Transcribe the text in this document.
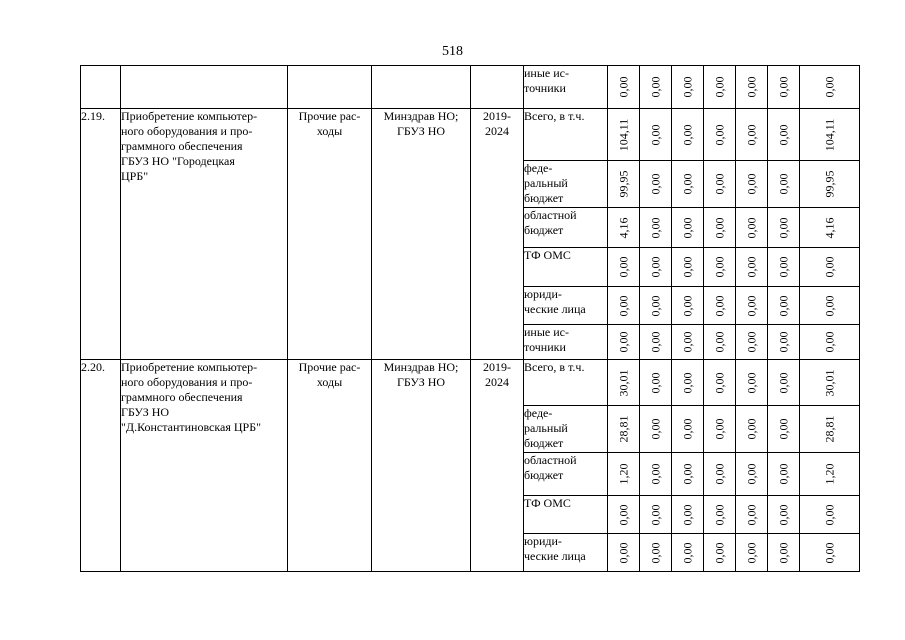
518
					иные ис-
точники	0,00	0,00	0,00	0,00	0,00	0,00	0,00

2.19.	Приобретение компьютер-
ного оборудования и про-
граммного обеспечения
ГБУЗ НО "Городецкая
ЦРБ"	Прочие рас-
ходы	Минздрав НО;
ГБУЗ НО	2019-
2024	Всего, в т.ч.	104,11	0,00	0,00	0,00	0,00	0,00	104,11

					феде-
ральный
бюджет	99,95	0,00	0,00	0,00	0,00	0,00	99,95

					областной
бюджет	4,16	0,00	0,00	0,00	0,00	0,00	4,16

					ТФ ОМС	0,00	0,00	0,00	0,00	0,00	0,00	0,00

					юриди-
ческие лица	0,00	0,00	0,00	0,00	0,00	0,00	0,00

					иные ис-
точники	0,00	0,00	0,00	0,00	0,00	0,00	0,00

2.20.	Приобретение компьютер-
ного оборудования и про-
граммного обеспечения
ГБУЗ НО
"Д.Константиновская ЦРБ"	Прочие рас-
ходы	Минздрав НО;
ГБУЗ НО	2019-
2024	Всего, в т.ч.	30,01	0,00	0,00	0,00	0,00	0,00	30,01

					феде-
ральный
бюджет	28,81	0,00	0,00	0,00	0,00	0,00	28,81

					областной
бюджет	1,20	0,00	0,00	0,00	0,00	0,00	1,20

					ТФ ОМС	0,00	0,00	0,00	0,00	0,00	0,00	0,00

					юриди-
ческие лица	0,00	0,00	0,00	0,00	0,00	0,00	0,00
